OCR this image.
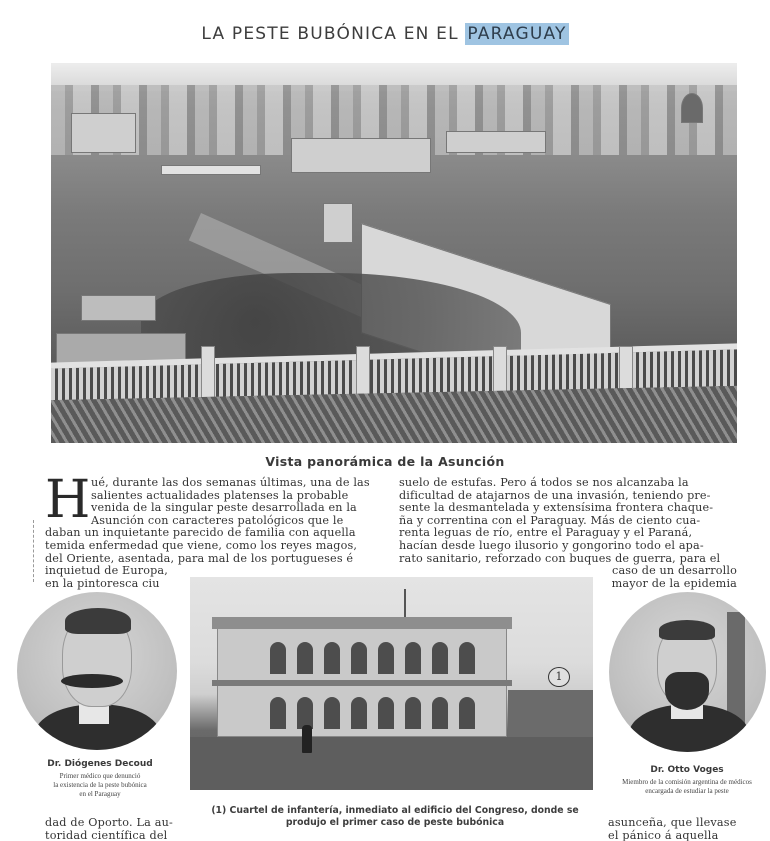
LA PESTE BUBÓNICA EN EL PARAGUAY
Vista panorámica de la Asunción
H ué, durante las dos semanas últimas, una de las
salientes actualidades platenses la probable
venida de la singular peste desarrollada en la
Asunción con caracteres patológicos que le
daban un inquietante parecido de familia con aquella
temida enfermedad que viene, como los reyes magos,
del Oriente, asentada, para mal de los portugueses é
inquietud de Europa,
en la pintoresca ciu
suelo de estufas. Pero á todos se nos alcanzaba la
dificultad de atajarnos de una invasión, teniendo pre-
sente la desmantelada y extensísima frontera chaque-
ña y correntina con el Paraguay. Más de ciento cua-
renta leguas de río, entre el Paraguay y el Paraná,
hacían desde luego ilusorio y gongorino todo el apa-
rato sanitario, reforzado con buques de guerra, para el
caso de un desarrollo
mayor de la epidemia
Dr. Diógenes Decoud
Primer médico que denunció
la existencia de la peste bubónica
en el Paraguay
1
(1) Cuartel de infantería, inmediato al edificio del Congreso, donde se
produjo el primer caso de peste bubónica
Dr. Otto Voges
Miembro de la comisión argentina de médicos
encargada de estudiar la peste
dad de Oporto. La au-
toridad científica del
asunceña, que llevase
el pánico á aquella
